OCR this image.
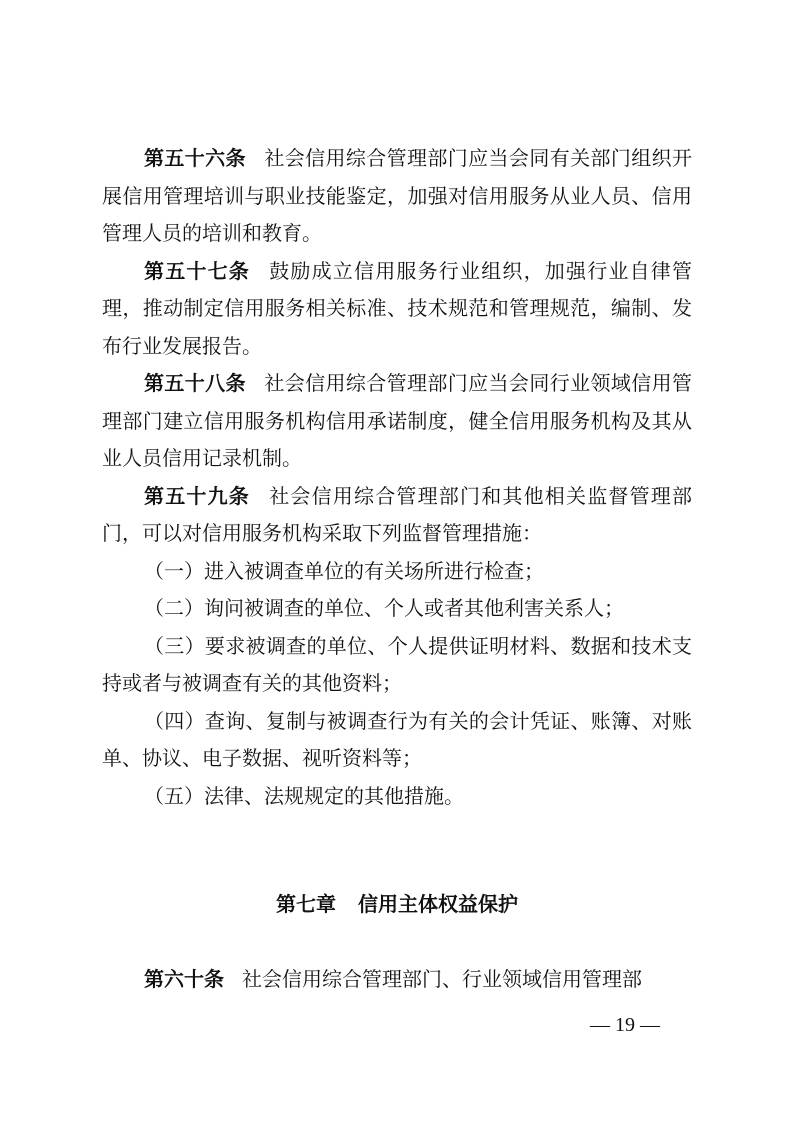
第五十六条 社会信用综合管理部门应当会同有关部门组织开展信用管理培训与职业技能鉴定，加强对信用服务从业人员、信用管理人员的培训和教育。

第五十七条 鼓励成立信用服务行业组织，加强行业自律管理，推动制定信用服务相关标准、技术规范和管理规范，编制、发布行业发展报告。

第五十八条 社会信用综合管理部门应当会同行业领域信用管理部门建立信用服务机构信用承诺制度，健全信用服务机构及其从业人员信用记录机制。

第五十九条 社会信用综合管理部门和其他相关监督管理部门，可以对信用服务机构采取下列监督管理措施：

（一）进入被调查单位的有关场所进行检查；

（二）询问被调查的单位、个人或者其他利害关系人；

（三）要求被调查的单位、个人提供证明材料、数据和技术支持或者与被调查有关的其他资料；

（四）查询、复制与被调查行为有关的会计凭证、账簿、对账单、协议、电子数据、视听资料等；

（五）法律、法规规定的其他措施。

第七章 信用主体权益保护

第六十条 社会信用综合管理部门、行业领域信用管理部

— 19 —
